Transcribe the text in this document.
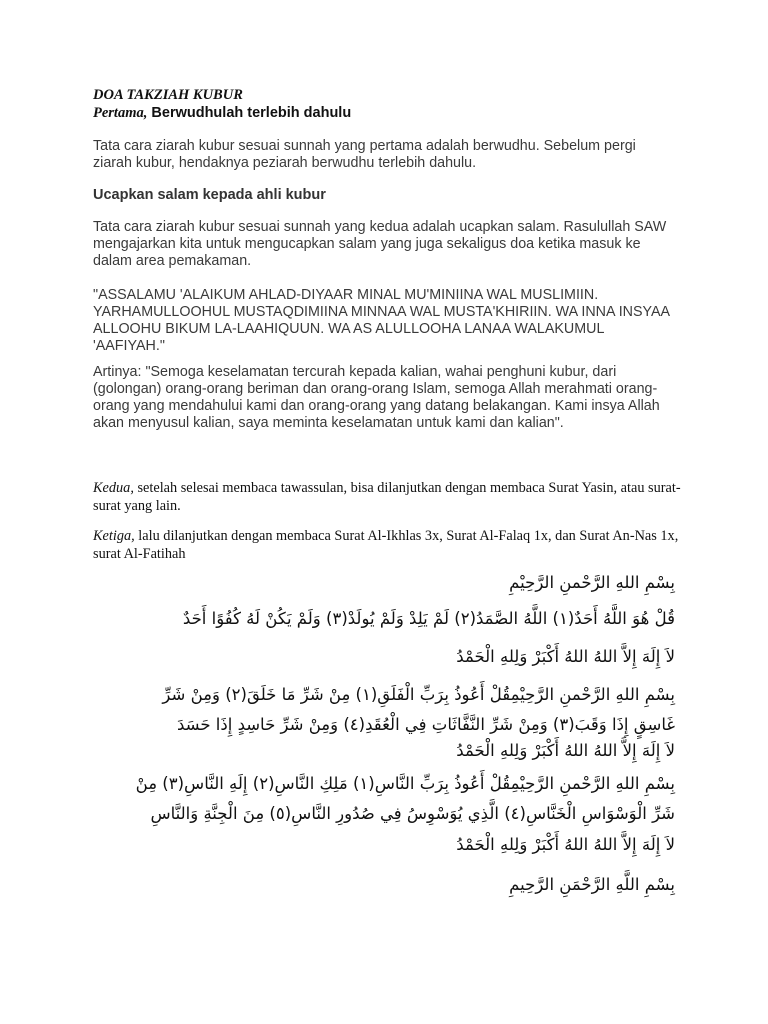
DOA TAKZIAH KUBUR
Pertama, Berwudhulah terlebih dahulu
Tata cara ziarah kubur sesuai sunnah yang pertama adalah berwudhu. Sebelum pergi ziarah kubur, hendaknya peziarah berwudhu terlebih dahulu.
Ucapkan salam kepada ahli kubur
Tata cara ziarah kubur sesuai sunnah yang kedua adalah ucapkan salam. Rasulullah SAW mengajarkan kita untuk mengucapkan salam yang juga sekaligus doa ketika masuk ke dalam area pemakaman.
"ASSALAMU 'ALAIKUM AHLAD-DIYAAR MINAL MU'MINIINA WAL MUSLIMIIN. YARHAMULLOOHUL MUSTAQDIMIINA MINNAA WAL MUSTA'KHIRIIN. WA INNA INSYAA ALLOOHU BIKUM LA-LAAHIQUUN. WA AS ALULLOOHA LANAA WALAKUMUL 'AAFIYAH."
Artinya: "Semoga keselamatan tercurah kepada kalian, wahai penghuni kubur, dari (golongan) orang-orang beriman dan orang-orang Islam, semoga Allah merahmati orang-orang yang mendahului kami dan orang-orang yang datang belakangan. Kami insya Allah akan menyusul kalian, saya meminta keselamatan untuk kami dan kalian".
Kedua, setelah selesai membaca tawassulan, bisa dilanjutkan dengan membaca Surat Yasin, atau surat-surat yang lain.
Ketiga, lalu dilanjutkan dengan membaca Surat Al-Ikhlas 3x, Surat Al-Falaq 1x, dan Surat An-Nas 1x, surat Al-Fatihah
بِسْمِ اللهِ الرَّحْمنِ الرَّحِيْمِ
قُلْ هُوَ اللَّهُ أَحَدٌ(١) اللَّهُ الصَّمَدُ(٢) لَمْ يَلِدْ وَلَمْ يُولَدْ(٣) وَلَمْ يَكُنْ لَهُ كُفُوًا أَحَدٌ
لاَ إِلَهَ إِلاَّ اللهُ اللهُ أَكْبَرْ وَلِلهِ الْحَمْدُ
بِسْمِ اللهِ الرَّحْمنِ الرَّحِيْمِقُلْ أَعُوذُ بِرَبِّ الْفَلَقِ(١) مِنْ شَرِّ مَا خَلَقَ(٢) وَمِنْ شَرِّ غَاسِقٍ إِذَا وَقَبَ(٣) وَمِنْ شَرِّ النَّفَّاثَاتِ فِي الْعُقَدِ(٤) وَمِنْ شَرِّ حَاسِدٍ إِذَا حَسَدَ
لاَ إِلَهَ إِلاَّ اللهُ اللهُ أَكْبَرْ وَلِلهِ الْحَمْدُ
بِسْمِ اللهِ الرَّحْمنِ الرَّحِيْمِقُلْ أَعُوذُ بِرَبِّ النَّاسِ(١) مَلِكِ النَّاسِ(٢) إِلَهِ النَّاسِ(٣) مِنْ شَرِّ الْوَسْوَاسِ الْخَنَّاسِ(٤) الَّذِي يُوَسْوِسُ فِي صُدُورِ النَّاسِ(٥) مِنَ الْجِنَّةِ وَالنَّاسِ
لاَ إِلَهَ إِلاَّ اللهُ اللهُ أَكْبَرْ وَلِلهِ الْحَمْدُ
بِسْمِ اللَّهِ الرَّحْمَنِ الرَّحِيمِ
